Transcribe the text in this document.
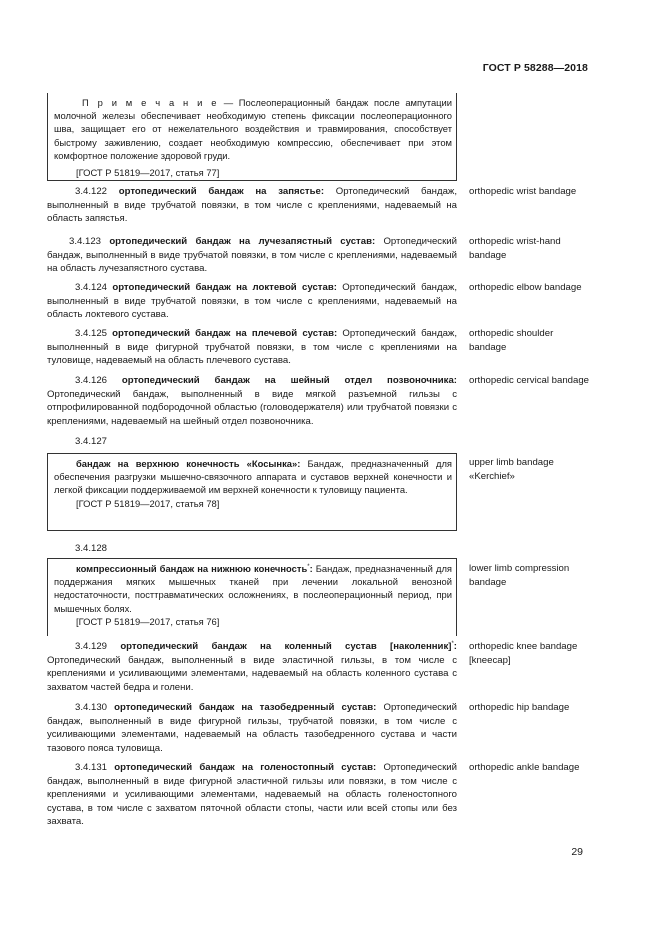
ГОСТ Р 58288—2018

П р и м е ч а н и е — Послеоперационный бандаж после ампутации молочной железы обеспечивает необходимую степень фиксации послеоперационного шва, защищает его от нежелательного воздействия и травмирования, способствует быстрому заживлению, создает необходимую компрессию, обеспечивает при этом комфортное положение здоровой груди.

[ГОСТ Р 51819—2017, статья 77]

3.4.122 ортопедический бандаж на запястье: Ортопедический бандаж, выполненный в виде трубчатой повязки, в том числе с креплениями, надеваемый на область запястья.

orthopedic wrist bandage

3.4.123 ортопедический бандаж на лучезапястный сустав: Ортопедический бандаж, выполненный в виде трубчатой повязки, в том числе с креплениями, надеваемый на область лучезапястного сустава.

orthopedic wrist-hand bandage

3.4.124 ортопедический бандаж на локтевой сустав: Ортопедический бандаж, выполненный в виде трубчатой повязки, в том числе с креплениями, надеваемый на область локтевого сустава.

orthopedic elbow bandage

3.4.125 ортопедический бандаж на плечевой сустав: Ортопедический бандаж, выполненный в виде фигурной трубчатой повязки, в том числе с креплениями на туловище, надеваемый на область плечевого сустава.

orthopedic shoulder bandage

3.4.126 ортопедический бандаж на шейный отдел позвоночника: Ортопедический бандаж, выполненный в виде мягкой разъемной гильзы с отпрофилированной подбородочной областью (головодержателя) или трубчатой повязки с креплениями, надеваемый на шейный отдел позвоночника.

orthopedic cervical bandage

3.4.127

бандаж на верхнюю конечность «Косынка»: Бандаж, предназначенный для обеспечения разгрузки мышечно-связочного аппарата и суставов верхней конечности и легкой фиксации поддерживаемой им верхней конечности к туловищу пациента.

[ГОСТ Р 51819—2017, статья 78]

upper limb bandage «Kerchief»

3.4.128

компрессионный бандаж на нижнюю конечность*: Бандаж, предназначенный для поддержания мягких мышечных тканей при лечении локальной венозной недостаточности, посттравматических осложнениях, в послеоперационный период, при мышечных болях.

[ГОСТ Р 51819—2017, статья 76]

lower limb compression bandage

3.4.129 ортопедический бандаж на коленный сустав [наколенник]*: Ортопедический бандаж, выполненный в виде эластичной гильзы, в том числе с креплениями и усиливающими элементами, надеваемый на область коленного сустава с захватом частей бедра и голени.

orthopedic knee bandage [kneecap]

3.4.130 ортопедический бандаж на тазобедренный сустав: Ортопедический бандаж, выполненный в виде фигурной гильзы, трубчатой повязки, в том числе с усиливающими элементами, надеваемый на область тазобедренного сустава и части тазового пояса туловища.

orthopedic hip bandage

3.4.131 ортопедический бандаж на голеностопный сустав: Ортопедический бандаж, выполненный в виде фигурной эластичной гильзы или повязки, в том числе с креплениями и усиливающими элементами, надеваемый на область голеностопного сустава, в том числе с захватом пяточной области стопы, части или всей стопы или без захвата.

orthopedic ankle bandage
29
